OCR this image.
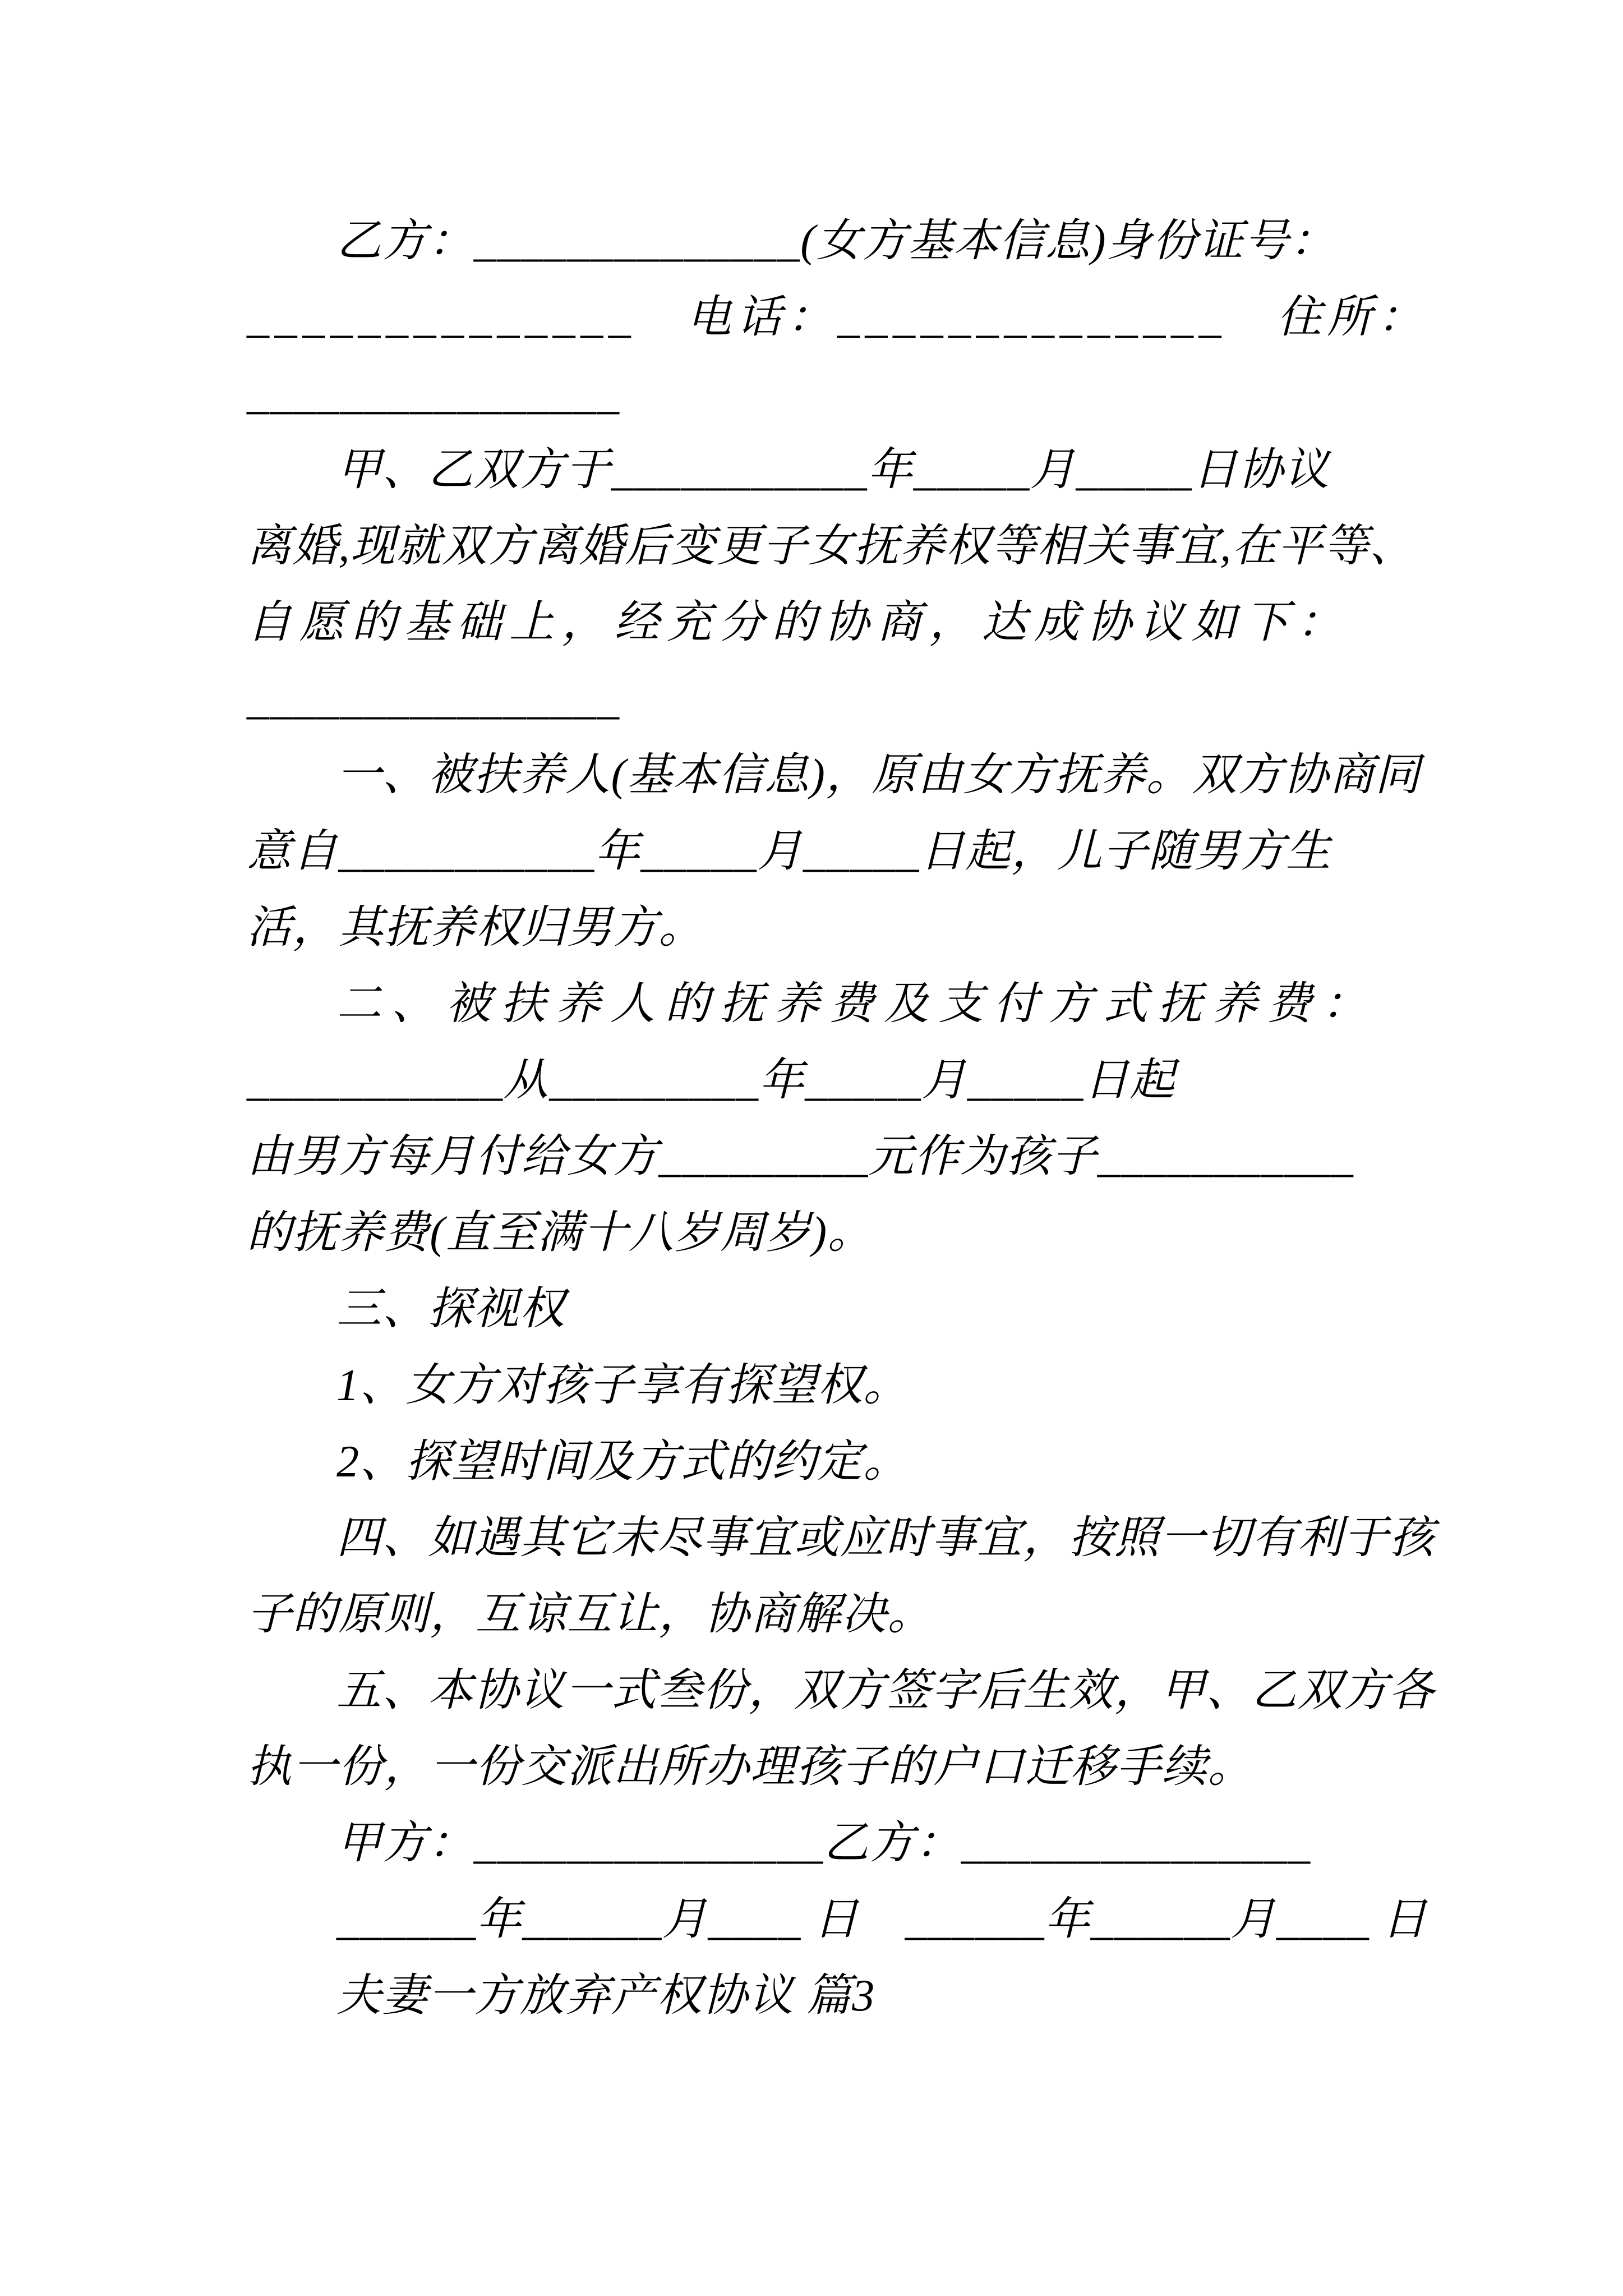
乙方：______________(女方基本信息)身份证号：
______________　电话：______________　住所：
________________
甲、乙双方于___________年_____月_____日协议
离婚,现就双方离婚后变更子女抚养权等相关事宜,在平等、
自愿的基础上，经充分的协商，达成协议如下：
________________
一、被扶养人(基本信息)，原由女方抚养。双方协商同
意自___________年_____月_____日起，儿子随男方生
活，其抚养权归男方。
二、被扶养人的抚养费及支付方式抚养费：
___________从_________年_____月_____日起
由男方每月付给女方_________元作为孩子___________
的抚养费(直至满十八岁周岁)。
三、探视权
1、女方对孩子享有探望权。
2、探望时间及方式的约定。
四、如遇其它未尽事宜或应时事宜，按照一切有利于孩
子的原则，互谅互让，协商解决。
五、本协议一式叁份，双方签字后生效，甲、乙双方各
执一份，一份交派出所办理孩子的户口迁移手续。
甲方：_______________乙方：_______________
______年______月____ 日　______年______月____ 日
夫妻一方放弃产权协议 篇3
